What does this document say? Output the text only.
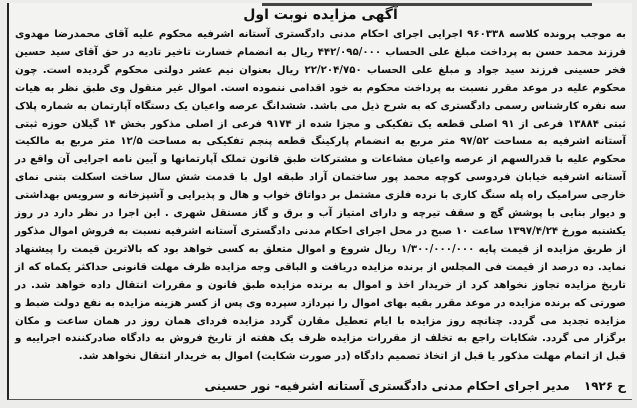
آگهی مزایده نوبت اول
به موجب پرونده کلاسه ۹۶۰۳۳۸ اجرایی اجرای احکام مدنی دادگستری آستانه اشرفیه محکوم علیه آقای محمدرضا مهدوی فرزند محمد حسن به پرداخت مبلغ علی الحساب ۴۴۲/۰۹۵/۰۰۰ ریال به انضمام خسارت تاخیر تادیه در حق آقای سید حسین فخر حسینی فرزند سید جواد و مبلغ علی الحساب ۲۲/۲۰۴/۷۵۰ ریال بعنوان نیم عشر دولتی محکوم گردیده است. چون محکوم علیه در موعد مقرر نسبت به پرداخت محکوم به خود اقدامی ننموده است. اموال غیر منقول وی طبق نظر به هیات سه نفره کارشناس رسمی دادگستری که به شرح ذیل می باشد. ششدانگ عرصه واعیان یک دستگاه آپارتمان به شماره پلاک ثبتی ۱۳۸۸۴ فرعی از ۹۱ اصلی قطعه یک تفکیکی و مجزا شده از ۹۱۷۴ فرعی از اصلی مذکور بخش ۱۴ گیلان حوزه ثبتی آستانه اشرفیه به مساحت ۹۷/۵۲ متر مربع به انضمام پارکینگ قطعه پنجم تفکیکی به مساحت ۱۲/۵ متر مربع به مالکیت محکوم علیه با قدرالسهم از عرصه واعیان مشاعات و مشترکات طبق قانون تملک آپارتمانها و آیین نامه اجرایی آن واقع در آستانه اشرفیه خیابان فردوسی کوچه محمد پور ساختمان آراد طبقه اول با قدمت شش سال ساخت اسکلت بتنی نمای خارجی سرامیک راه پله سنگ کاری با نرده فلزی مشتمل بر دواتاق خواب و هال و پذیرایی و آشپزخانه و سرویس بهداشتی و دیوار بنایی با پوشش گچ و سقف تیرچه و دارای امتیاز آب و برق و گاز مستقل شهری . این اجرا در نظر دارد در روز یکشنبه مورخ ۱۳۹۷/۴/۲۴ ساعت ۱۰ صبح در محل اجرای احکام مدنی دادگستری آستانه اشرفیه نسبت به فروش اموال مذکور از طریق مزایده از قیمت پایه ۱/۳۰۰/۰۰۰/۰۰۰ ریال شروع و اموال متعلق به کسی خواهد بود که بالاترین قیمت را پیشنهاد نماید. ده درصد از قیمت فی المجلس از برنده مزایده دریافت و الباقی وجه مزایده ظرف مهلت قانونی حداکثر یکماه که از تاریخ مزایده تجاوز نخواهد کرد از خریدار اخذ و اموال به برنده مزایده طبق قانون و مقررات انتقال داده خواهد شد. در صورتی که برنده مزایده در موعد مقرر بقیه بهای اموال را نپردازد سپرده وی پس از کسر هزینه مزایده به نفع دولت ضبط و مزایده تجدید می گردد. چنانچه روز مزایده با ایام تعطیل مقارن گردد مزایده فردای همان روز در همان ساعت و مکان برگزار می گردد. شکایات راجع به تخلف از مقررات مزایده ظرف یک هفته از تاریخ فروش به دادگاه صادرکننده اجراییه و قبل از اتمام مهلت مذکور یا قبل از اتخاذ تصمیم دادگاه (در صورت شکایت) اموال به خریدار انتقال نخواهد شد.
ح ۱۹۲۶
مدیر اجرای احکام مدنی دادگستری آستانه اشرفیه- نور حسینی
